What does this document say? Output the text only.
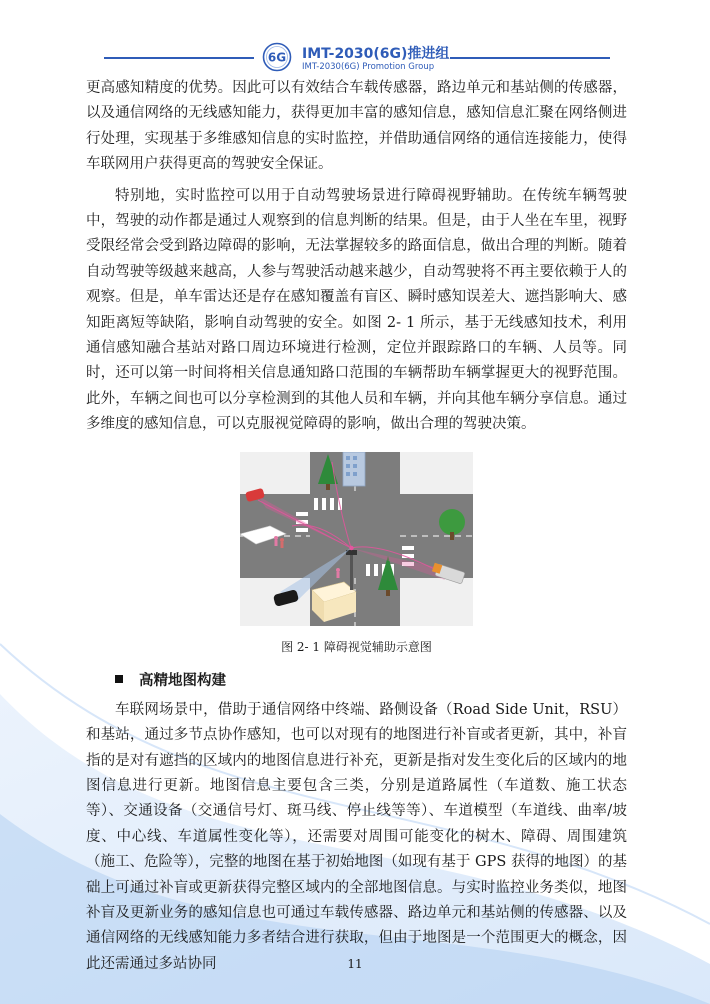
6G IMT-2030(6G)推进组
IMT-2030(6G) Promotion Group

更高感知精度的优势。因此可以有效结合车载传感器，路边单元和基站侧的传感器，以及通信网络的无线感知能力，获得更加丰富的感知信息，感知信息汇聚在网络侧进行处理，实现基于多维感知信息的实时监控，并借助通信网络的通信连接能力，使得车联网用户获得更高的驾驶安全保证。

特别地，实时监控可以用于自动驾驶场景进行障碍视野辅助。在传统车辆驾驶中，驾驶的动作都是通过人观察到的信息判断的结果。但是，由于人坐在车里，视野受限经常会受到路边障碍的影响，无法掌握较多的路面信息，做出合理的判断。随着自动驾驶等级越来越高，人参与驾驶活动越来越少，自动驾驶将不再主要依赖于人的观察。但是，单车雷达还是存在感知覆盖有盲区、瞬时感知误差大、遮挡影响大、感知距离短等缺陷，影响自动驾驶的安全。如图 2- 1 所示，基于无线感知技术，利用通信感知融合基站对路口周边环境进行检测，定位并跟踪路口的车辆、人员等。同时，还可以第一时间将相关信息通知路口范围的车辆帮助车辆掌握更大的视野范围。此外，车辆之间也可以分享检测到的其他人员和车辆，并向其他车辆分享信息。通过多维度的感知信息，可以克服视觉障碍的影响，做出合理的驾驶决策。

图 2- 1 障碍视觉辅助示意图
高精地图构建

车联网场景中，借助于通信网络中终端、路侧设备（Road Side Unit，RSU）和基站，通过多节点协作感知，也可以对现有的地图进行补盲或者更新，其中，补盲指的是对有遮挡的区域内的地图信息进行补充，更新是指对发生变化后的区域内的地图信息进行更新。地图信息主要包含三类，分别是道路属性（车道数、施工状态等）、交通设备（交通信号灯、斑马线、停止线等等）、车道模型（车道线、曲率/坡度、中心线、车道属性变化等），还需要对周围可能变化的树木、障碍、周围建筑（施工、危险等），完整的地图在基于初始地图（如现有基于 GPS 获得的地图）的基础上可通过补盲或更新获得完整区域内的全部地图信息。与实时监控业务类似，地图补盲及更新业务的感知信息也可通过车载传感器、路边单元和基站侧的传感器、以及通信网络的无线感知能力多者结合进行获取，但由于地图是一个范围更大的概念，因此还需通过多站协同	11
